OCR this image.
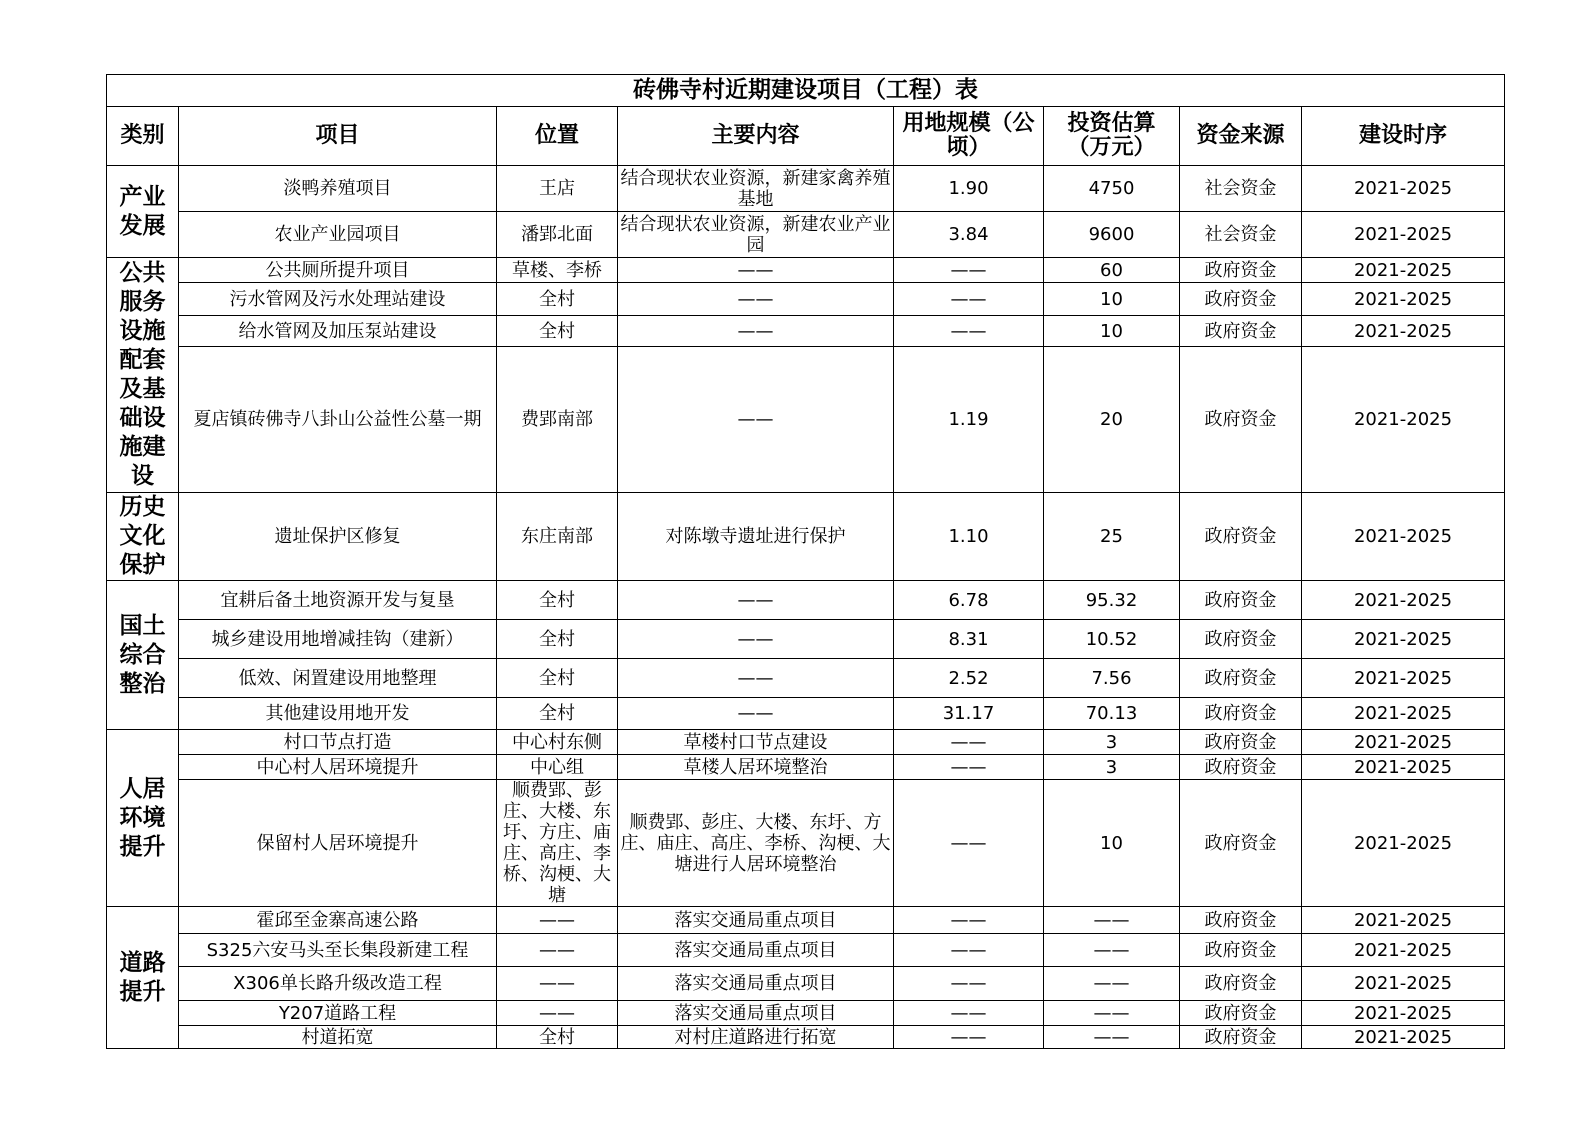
砖佛寺村近期建设项目（工程）表							
类别	项目	位置	主要内容	用地规模（公顷）	投资估算（万元）	资金来源	建设时序
产业发展	淡鸭养殖项目	王店	结合现状农业资源，新建家禽养殖基地	1.90	4750	社会资金	2021-2025
	农业产业园项目	潘郢北面	结合现状农业资源，新建农业产业园	3.84	9600	社会资金	2021-2025
公共服务设施配套及基础设施建设	公共厕所提升项目	草楼、李桥	——	——	60	政府资金	2021-2025
	污水管网及污水处理站建设	全村	——	——	10	政府资金	2021-2025
	给水管网及加压泵站建设	全村	——	——	10	政府资金	2021-2025
	夏店镇砖佛寺八卦山公益性公墓一期	费郢南部	——	1.19	20	政府资金	2021-2025
历史文化保护	遗址保护区修复	东庄南部	对陈墩寺遗址进行保护	1.10	25	政府资金	2021-2025
国土综合整治	宜耕后备土地资源开发与复垦	全村	——	6.78	95.32	政府资金	2021-2025
	城乡建设用地增减挂钩（建新）	全村	——	8.31	10.52	政府资金	2021-2025
	低效、闲置建设用地整理	全村	——	2.52	7.56	政府资金	2021-2025
	其他建设用地开发	全村	——	31.17	70.13	政府资金	2021-2025
人居环境提升	村口节点打造	中心村东侧	草楼村口节点建设	——	3	政府资金	2021-2025
	中心村人居环境提升	中心组	草楼人居环境整治	——	3	政府资金	2021-2025
	保留村人居环境提升	顺费郢、彭庄、大楼、东圩、方庄、庙庄、高庄、李桥、沟梗、大塘	顺费郢、彭庄、大楼、东圩、方庄、庙庄、高庄、李桥、沟梗、大塘进行人居环境整治	——	10	政府资金	2021-2025
道路提升	霍邱至金寨高速公路	——	落实交通局重点项目	——	——	政府资金	2021-2025
	S325六安马头至长集段新建工程	——	落实交通局重点项目	——	——	政府资金	2021-2025
	X306单长路升级改造工程	——	落实交通局重点项目	——	——	政府资金	2021-2025
	Y207道路工程	——	落实交通局重点项目	——	——	政府资金	2021-2025
	村道拓宽	全村	对村庄道路进行拓宽	——	——	政府资金	2021-2025
